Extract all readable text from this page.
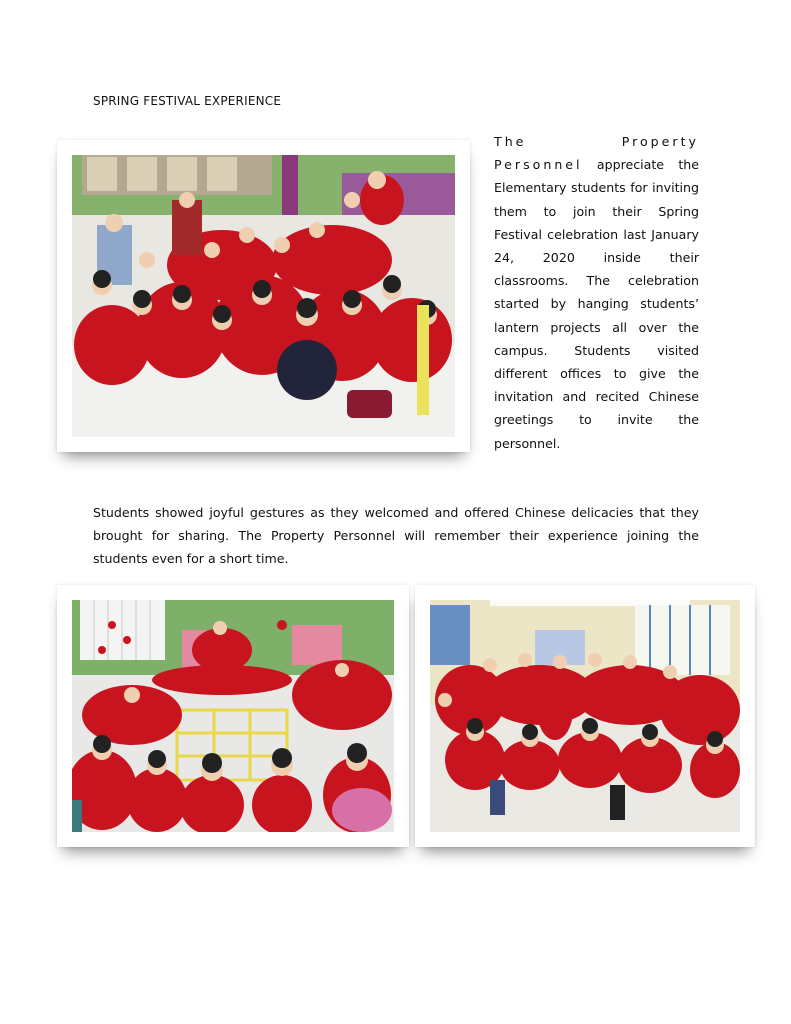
SPRING FESTIVAL EXPERIENCE
The Property Personnel appreciate the Elementary students for inviting them to join their Spring Festival celebration last January 24, 2020 inside their classrooms. The celebration started by hanging students’ lantern projects all over the campus. Students visited different offices to give the invitation and recited Chinese greetings to invite the personnel.
Students showed joyful gestures as they welcomed and offered Chinese delicacies that they brought for sharing. The Property Personnel will remember their experience joining the students even for a short time.
